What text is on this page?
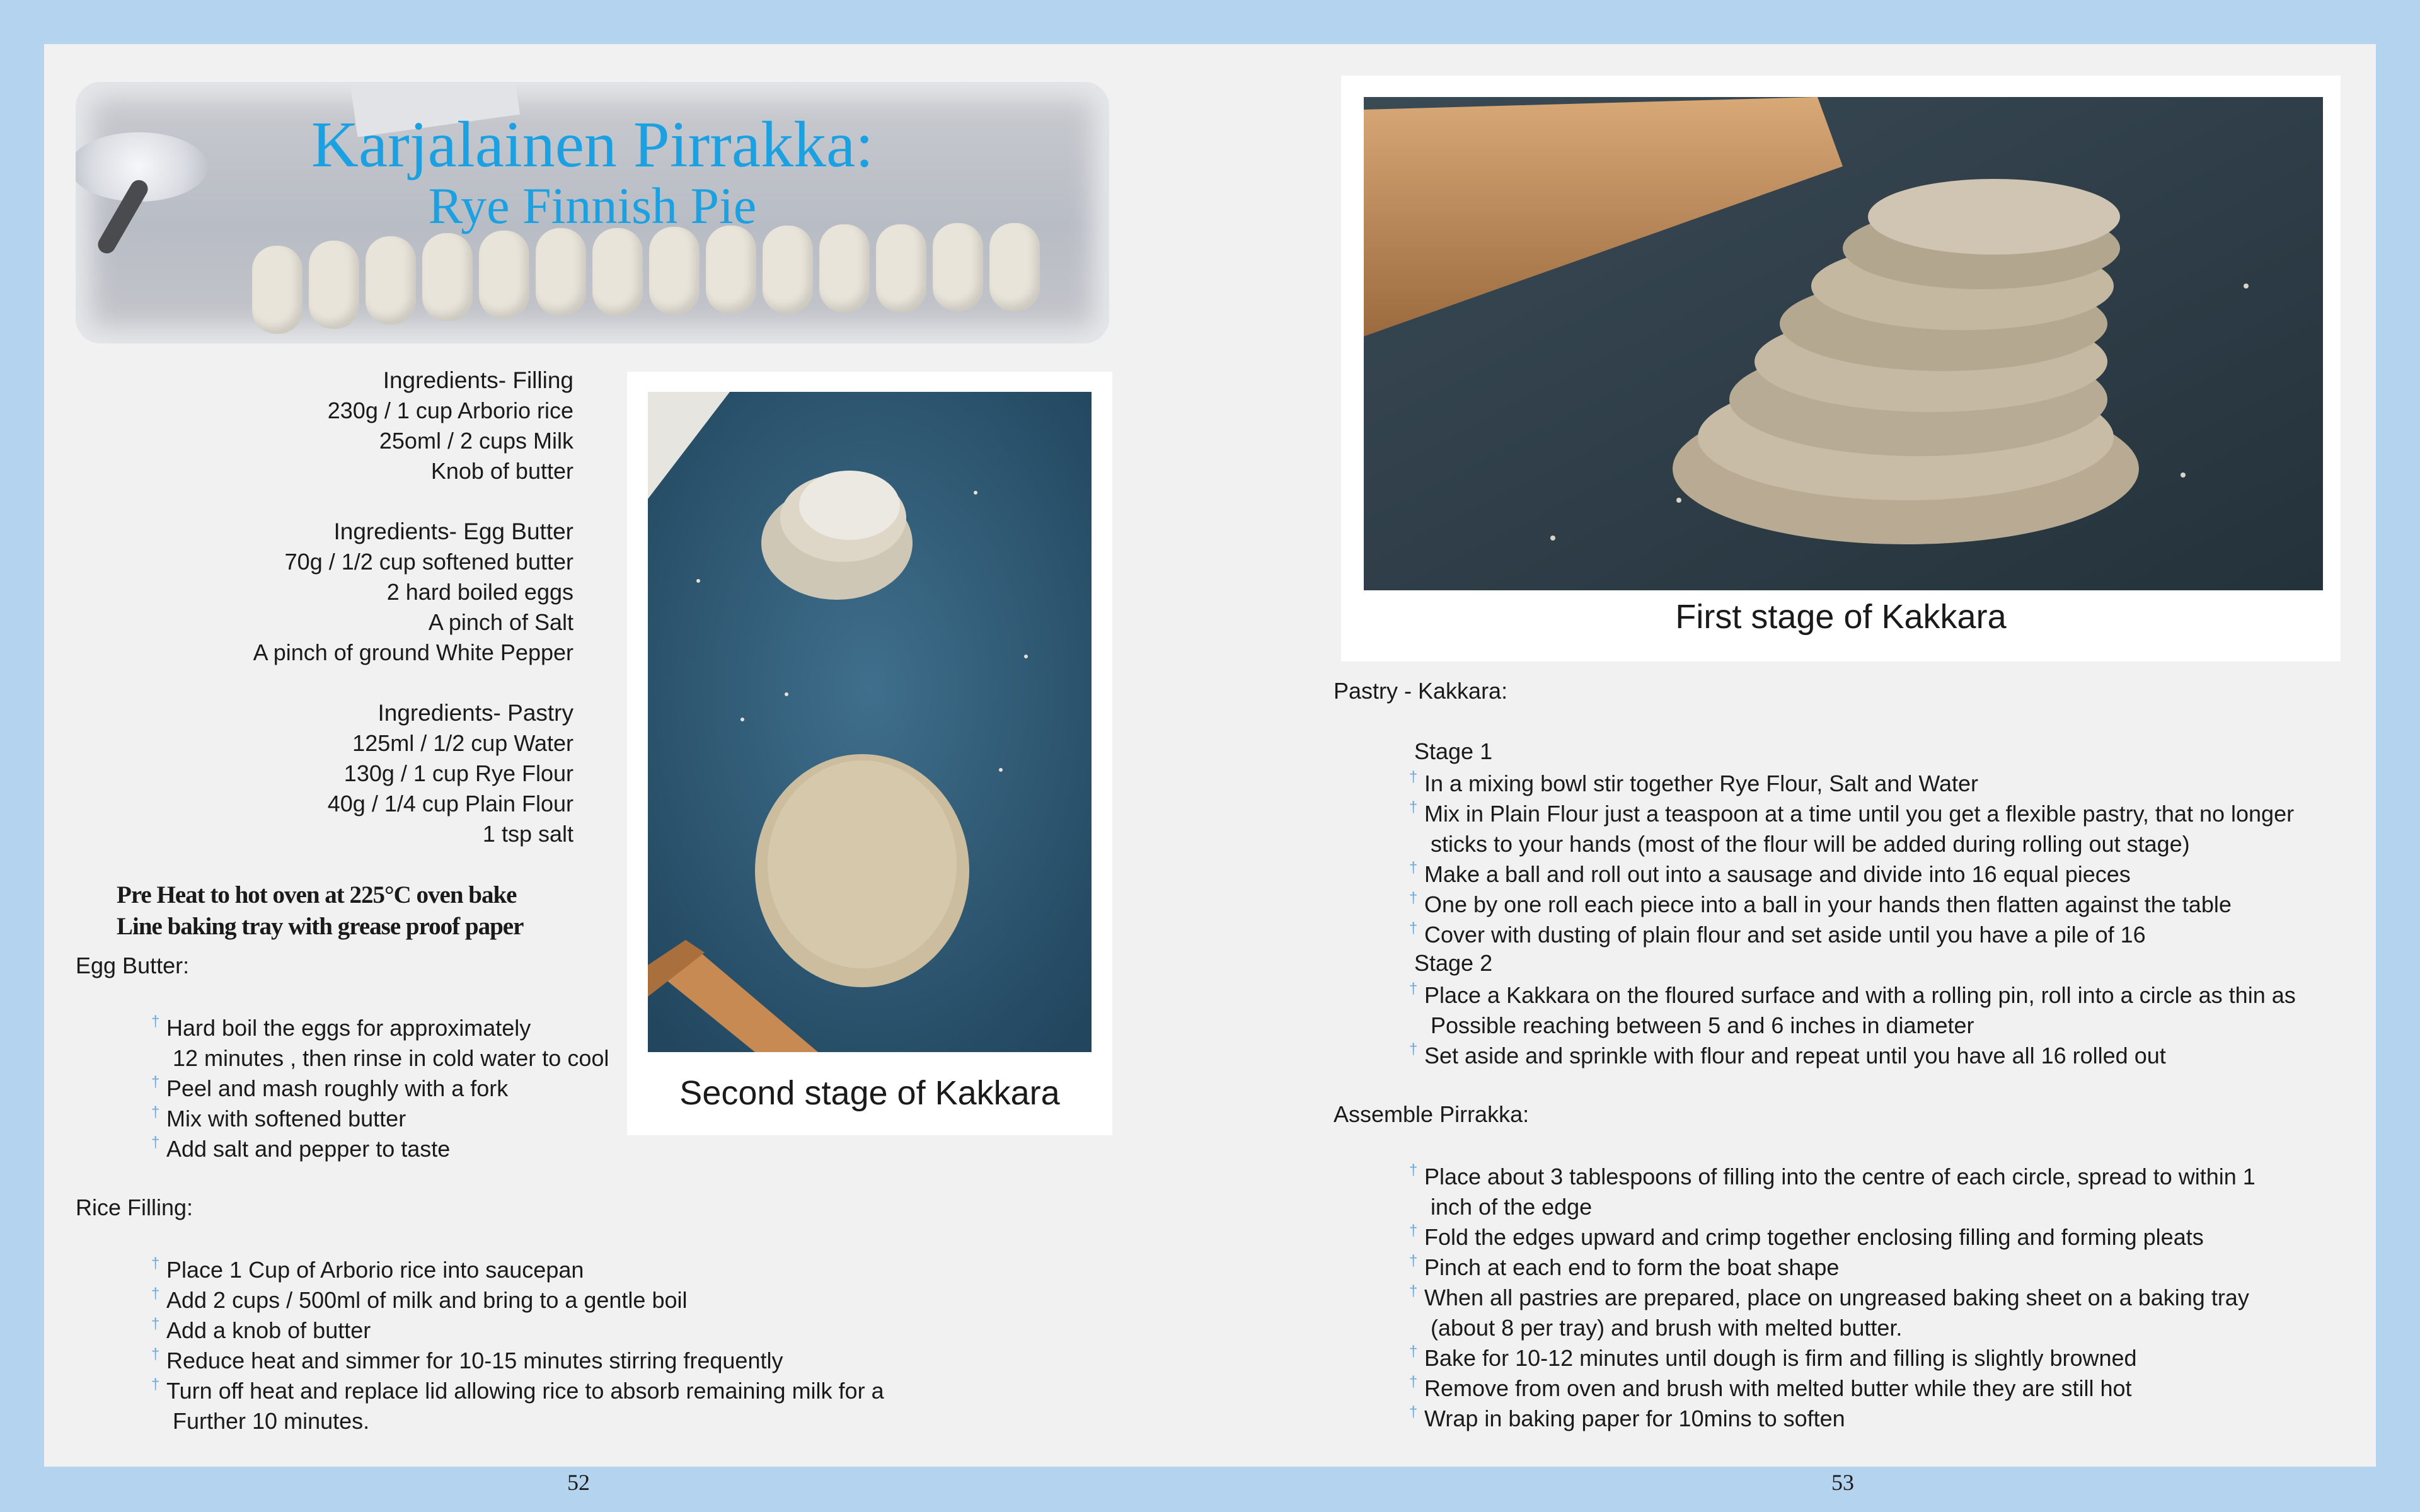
Karjalainen Pirrakka:
Rye Finnish Pie
Ingredients- Filling
230g / 1 cup Arborio rice
25oml / 2 cups Milk
Knob of butter
Ingredients- Egg Butter
70g / 1/2 cup softened butter
2 hard boiled eggs
A pinch of Salt
A pinch of ground White Pepper
Ingredients- Pastry
125ml / 1/2 cup Water
130g / 1 cup Rye Flour
40g / 1/4 cup Plain Flour
1 tsp salt
Pre Heat to hot oven at 225°C oven bake
Line baking tray with grease proof paper
Egg Butter:
† Hard boil the eggs for approximately
12 minutes , then rinse in cold water to cool
† Peel and mash roughly with a fork
† Mix with softened butter
† Add salt and pepper to taste
Rice Filling:
† Place 1 Cup of Arborio rice into saucepan
† Add 2 cups / 500ml of milk and bring to a gentle boil
† Add a knob of butter
† Reduce heat and simmer for 10-15 minutes stirring frequently
† Turn off heat and replace lid allowing rice to absorb remaining milk for a
Further 10 minutes.
Second stage of Kakkara
52
First stage of Kakkara
Pastry - Kakkara:
Stage 1
† In a mixing bowl stir together Rye Flour, Salt and Water
† Mix in Plain Flour just a teaspoon at a time until you get a flexible pastry, that no longer
sticks to your hands (most of the flour will be added during rolling out stage)
† Make a ball and roll out into a sausage and divide into 16 equal pieces
† One by one roll each piece into a ball in your hands then flatten against the table
† Cover with dusting of plain flour and set aside until you have a pile of 16
Stage 2
† Place a Kakkara on the floured surface and with a rolling pin, roll into a circle as thin as
Possible reaching between 5 and 6 inches in diameter
† Set aside and sprinkle with flour and repeat until you have all 16 rolled out
Assemble Pirrakka:
† Place about 3 tablespoons of filling into the centre of each circle, spread to within 1
inch of the edge
† Fold the edges upward and crimp together enclosing filling and forming pleats
† Pinch at each end to form the boat shape
† When all pastries are prepared, place on ungreased baking sheet on a baking tray
(about 8 per tray) and brush with melted butter.
† Bake for 10-12 minutes until dough is firm and filling is slightly browned
† Remove from oven and brush with melted butter while they are still hot
† Wrap in baking paper for 10mins to soften
53
